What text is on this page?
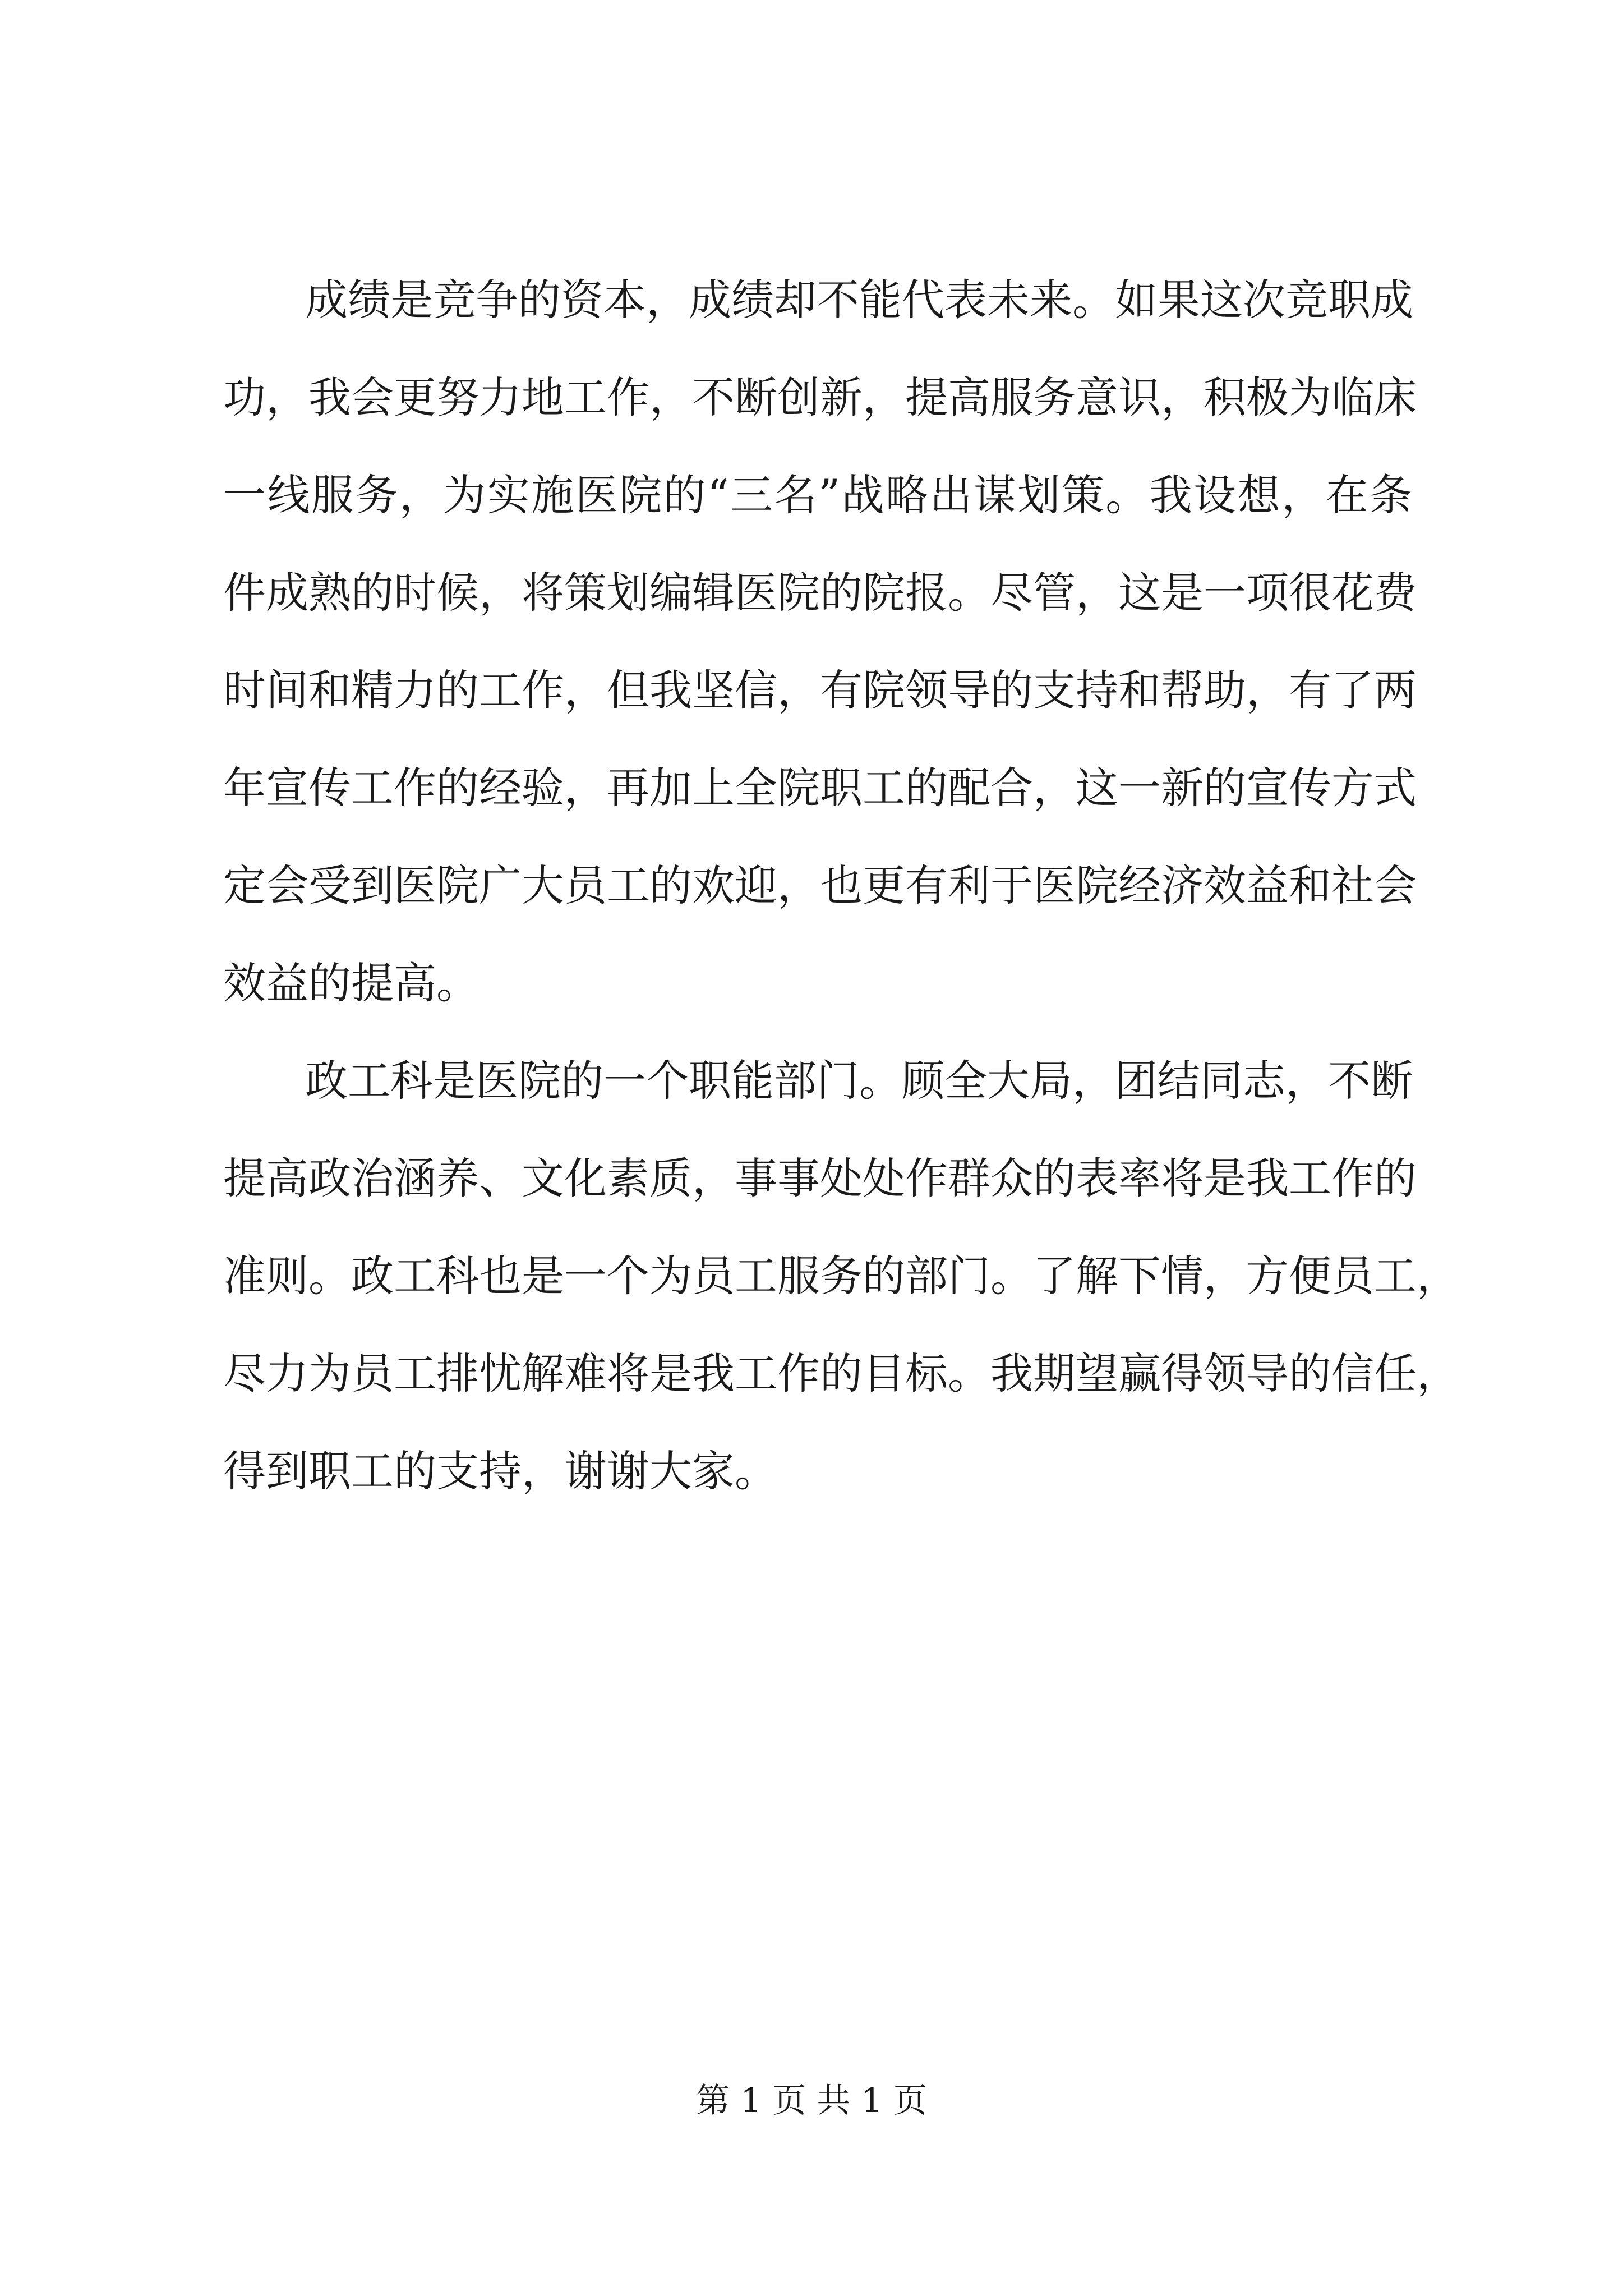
成绩是竞争的资本，成绩却不能代表未来。如果这次竞职成
功，我会更努力地工作，不断创新，提高服务意识，积极为临床
一线服务，为实施医院的“三名”战略出谋划策。我设想，在条
件成熟的时候，将策划编辑医院的院报。尽管，这是一项很花费
时间和精力的工作，但我坚信，有院领导的支持和帮助，有了两
年宣传工作的经验，再加上全院职工的配合，这一新的宣传方式
定会受到医院广大员工的欢迎，也更有利于医院经济效益和社会
效益的提高。
政工科是医院的一个职能部门。顾全大局，团结同志，不断
提高政治涵养、文化素质，事事处处作群众的表率将是我工作的
准则。政工科也是一个为员工服务的部门。了解下情，方便员工，
尽力为员工排忧解难将是我工作的目标。我期望赢得领导的信任，
得到职工的支持，谢谢大家。
第 1 页 共 1 页
